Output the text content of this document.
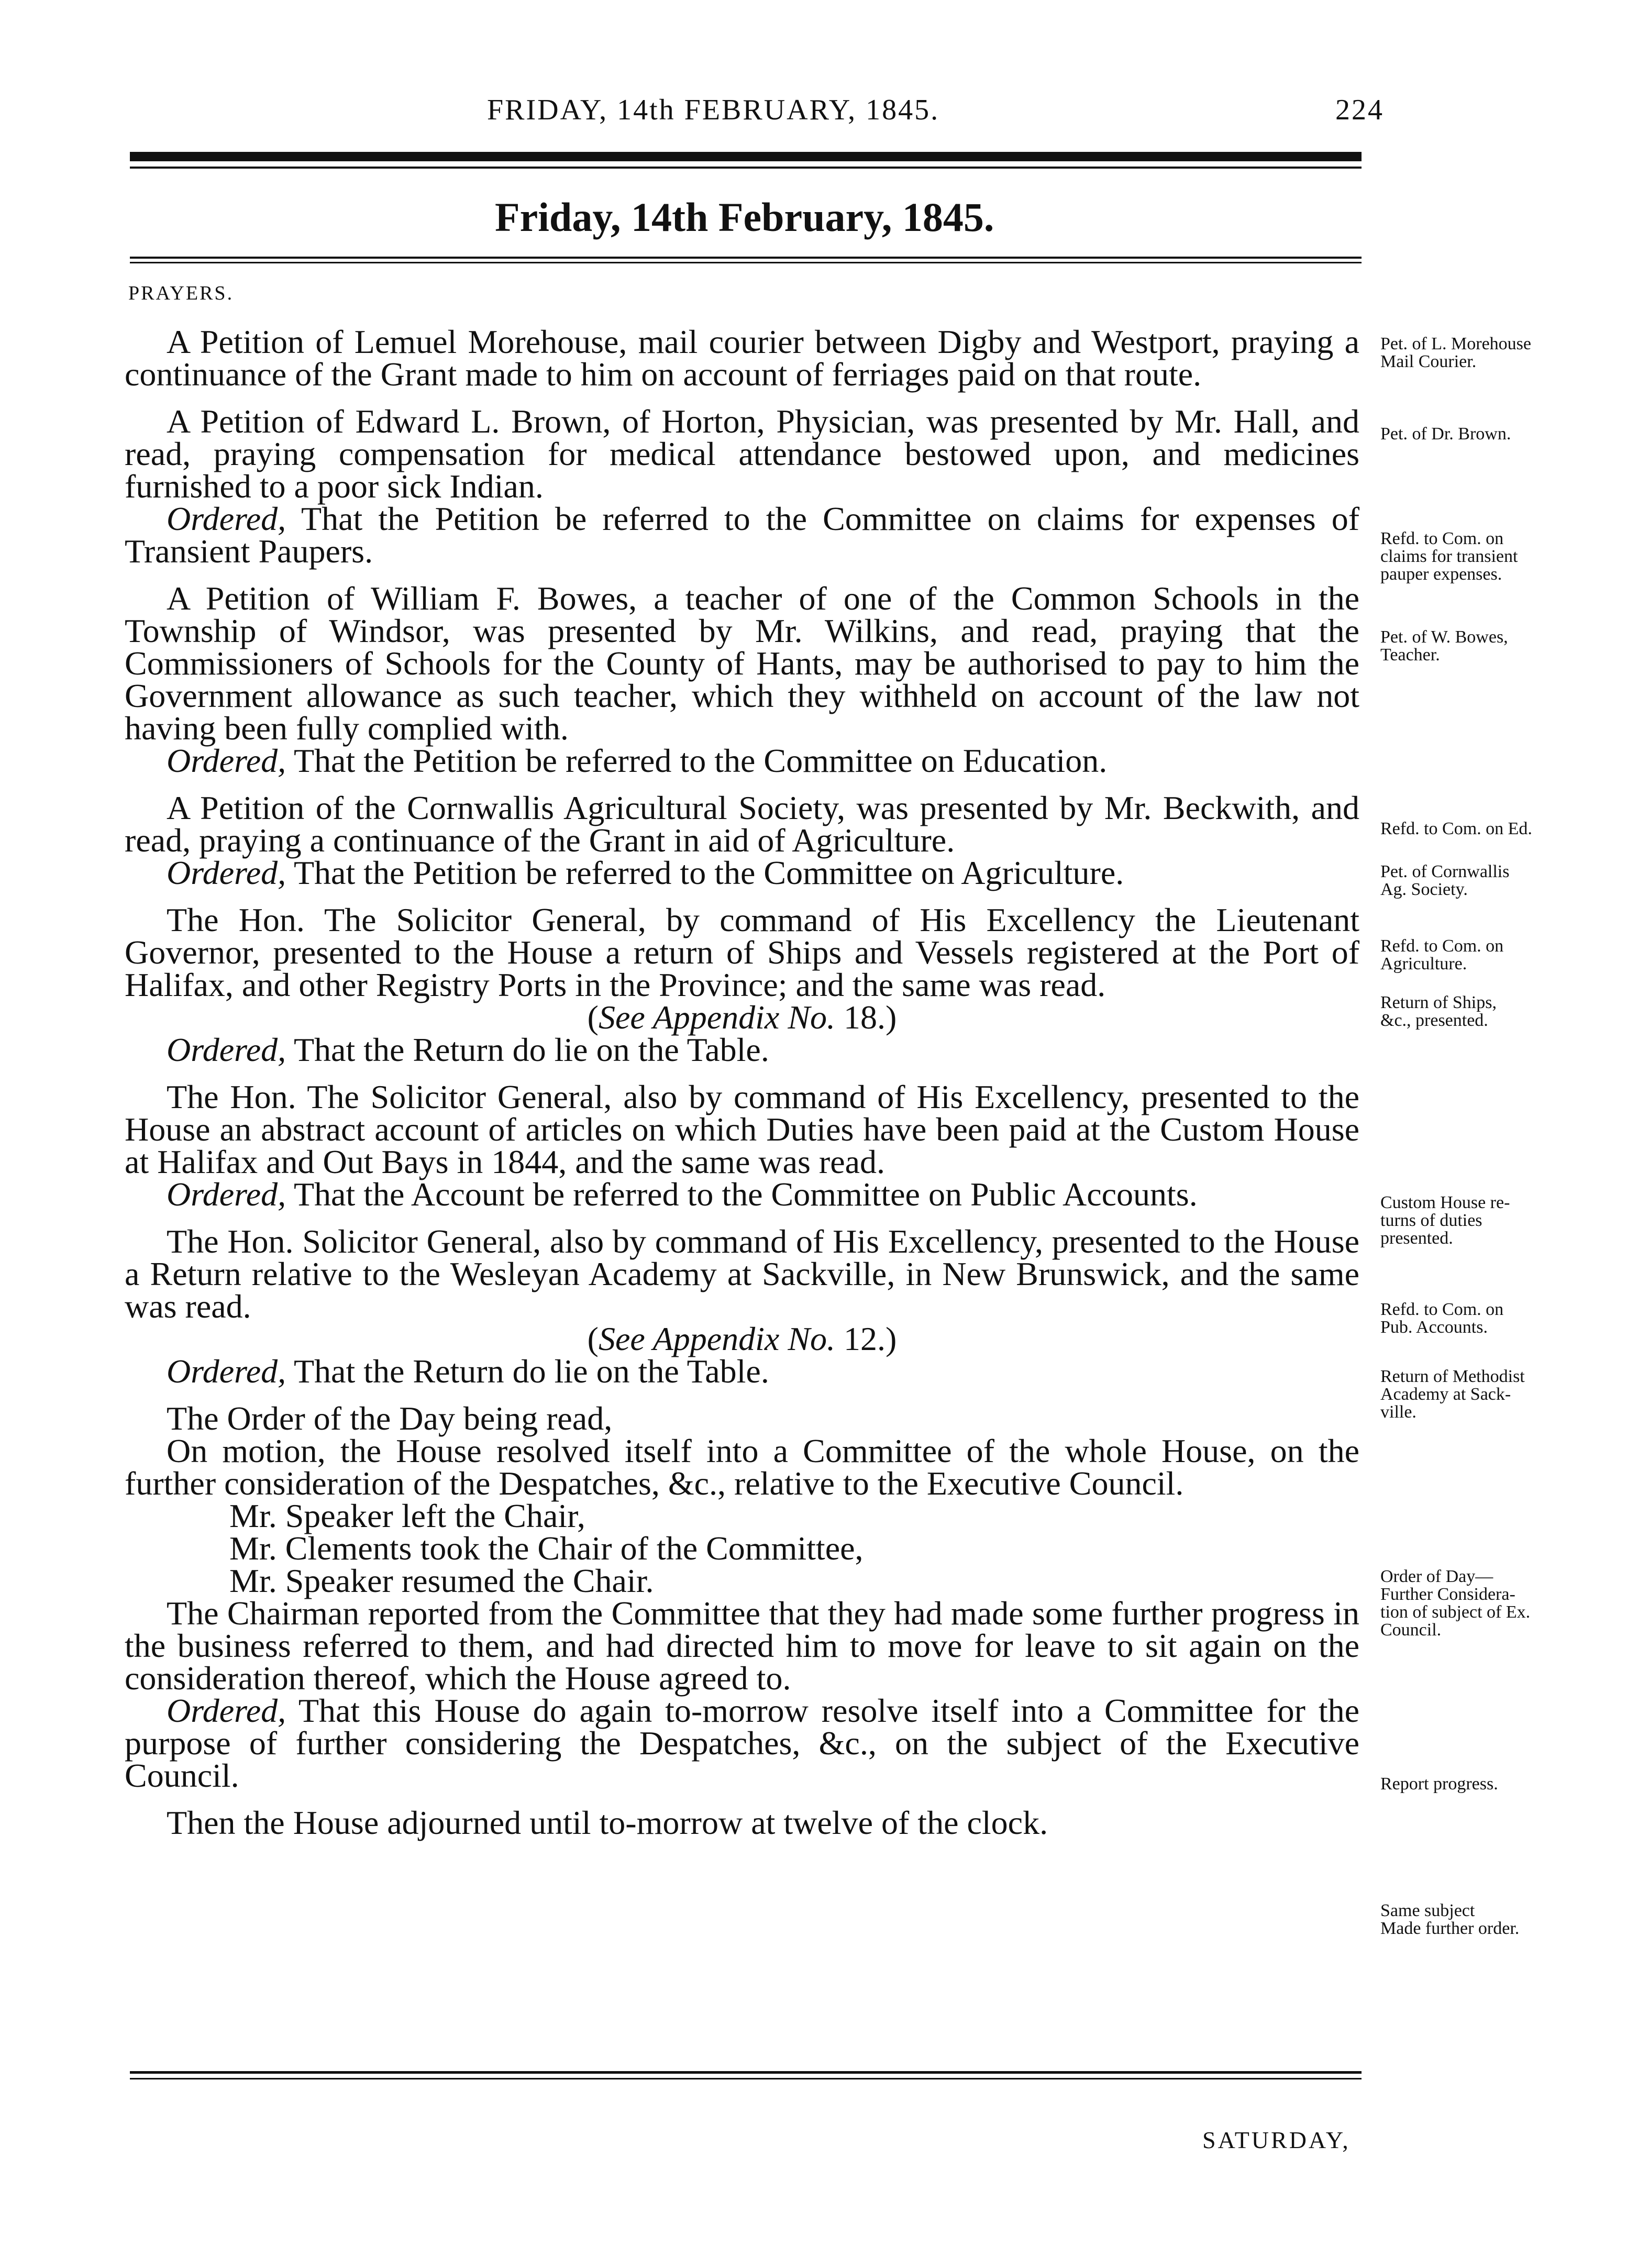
FRIDAY, 14th FEBRUARY, 1845.	224
Friday, 14th February, 1845.
PRAYERS.

A Petition of Lemuel Morehouse, mail courier between Digby and Westport, praying a continuance of the Grant made to him on account of ferriages paid on that route.

A Petition of Edward L. Brown, of Horton, Physician, was presented by Mr. Hall, and read, praying compensation for medical attendance bestowed upon, and medicines furnished to a poor sick Indian.

Ordered, That the Petition be referred to the Committee on claims for expenses of Transient Paupers.

A Petition of William F. Bowes, a teacher of one of the Common Schools in the Township of Windsor, was presented by Mr. Wilkins, and read, praying that the Commissioners of Schools for the County of Hants, may be authorised to pay to him the Government allowance as such teacher, which they withheld on account of the law not having been fully complied with.

Ordered, That the Petition be referred to the Committee on Education.

A Petition of the Cornwallis Agricultural Society, was presented by Mr. Beckwith, and read, praying a continuance of the Grant in aid of Agriculture.

Ordered, That the Petition be referred to the Committee on Agriculture.

The Hon. The Solicitor General, by command of His Excellency the Lieutenant Governor, presented to the House a return of Ships and Vessels registered at the Port of Halifax, and other Registry Ports in the Province; and the same was read.

(See Appendix No. 18.)

Ordered, That the Return do lie on the Table.

The Hon. The Solicitor General, also by command of His Excellency, presented to the House an abstract account of articles on which Duties have been paid at the Custom House at Halifax and Out Bays in 1844, and the same was read.

Ordered, That the Account be referred to the Committee on Public Accounts.

The Hon. Solicitor General, also by command of His Excellency, presented to the House a Return relative to the Wesleyan Academy at Sackville, in New Brunswick, and the same was read.

(See Appendix No. 12.)

Ordered, That the Return do lie on the Table.

The Order of the Day being read,

On motion, the House resolved itself into a Committee of the whole House, on the further consideration of the Despatches, &c., relative to the Executive Council.

Mr. Speaker left the Chair,

Mr. Clements took the Chair of the Committee,

Mr. Speaker resumed the Chair.

The Chairman reported from the Committee that they had made some further progress in the business referred to them, and had directed him to move for leave to sit again on the consideration thereof, which the House agreed to.

Ordered, That this House do again to-morrow resolve itself into a Committee for the purpose of further considering the Despatches, &c., on the subject of the Executive Council.

Then the House adjourned until to-morrow at twelve of the clock.

Pet. of L. Morehouse
Mail Courier.
Pet. of Dr. Brown.
Refd. to Com. on
claims for transient
pauper expenses.
Pet. of W. Bowes,
Teacher.
Refd. to Com. on Ed.
Pet. of Cornwallis
Ag. Society.
Refd. to Com. on
Agriculture.
Return of Ships,
&c., presented.
Custom House re-
turns of duties
presented.
Refd. to Com. on
Pub. Accounts.
Return of Methodist
Academy at Sack-
ville.
Order of Day—
Further Considera-
tion of subject of Ex.
Council.
Report progress.
Same subject
Made further order.
SATURDAY,
